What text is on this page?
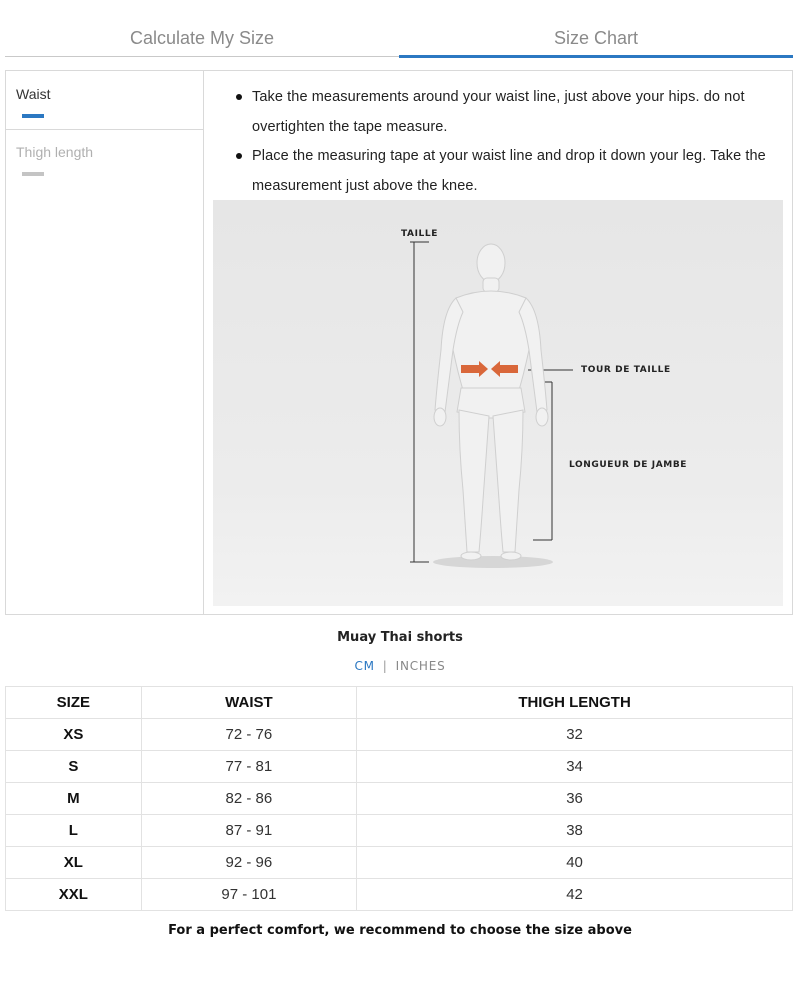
Calculate My Size	Size Chart
Waist
Thigh length
Take the measurements around your waist line, just above your hips. do not overtighten the tape measure.
Place the measuring tape at your waist line and drop it down your leg. Take the measurement just above the knee.
TAILLE
TOUR DE TAILLE
LONGUEUR DE JAMBE
Muay Thai shorts
CM | INCHES
SIZE	WAIST	THIGH LENGTH
XS	72 - 76	32
S	77 - 81	34
M	82 - 86	36
L	87 - 91	38
XL	92 - 96	40
XXL	97 - 101	42
For a perfect comfort, we recommend to choose the size above
